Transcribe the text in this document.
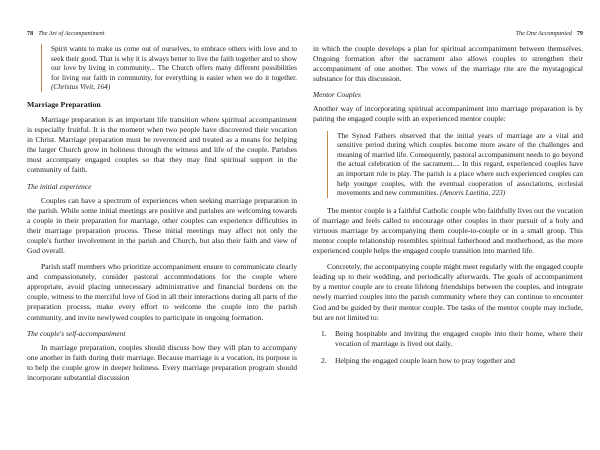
78 The Art of Accompaniment

Spirit wants to make us come out of ourselves, to embrace others with love and to seek their good. That is why it is always better to live the faith together and to show our love by living in community... The Church offers many different possibilities for living our faith in community, for everything is easier when we do it together. (Christus Vivit, 164)

Marriage Preparation

Marriage preparation is an important life transition where spiritual accompaniment is especially fruitful. It is the moment when two people have discovered their vocation in Christ. Marriage preparation must be reverenced and treated as a means for helping the larger Church grow in holiness through the witness and life of the couple. Parishes must accompany engaged couples so that they may find spiritual support in the community of faith.

The initial experience

Couples can have a spectrum of experiences when seeking marriage preparation in the parish. While some initial meetings are positive and parishes are welcoming towards a couple in their preparation for marriage, other couples can experience difficulties in their marriage preparation process. These initial meetings may affect not only the couple's further involvement in the parish and Church, but also their faith and view of God overall.

Parish staff members who prioritize accompaniment ensure to communicate clearly and compassionately, consider pastoral accommodations for the couple where appropriate, avoid placing unnecessary administrative and financial burdens on the couple, witness to the merciful love of God in all their interactions during all parts of the preparation process, make every effort to welcome the couple into the parish community, and invite newlywed couples to participate in ongoing formation.

The couple's self-accompaniment

In marriage preparation, couples should discuss how they will plan to accompany one another in faith during their marriage. Because marriage is a vocation, its purpose is to help the couple grow in deeper holiness. Every marriage preparation program should incorporate substantial discussion

The One Accompanied 79

in which the couple develops a plan for spiritual accompaniment between themselves. Ongoing formation after the sacrament also allows couples to strengthen their accompaniment of one another. The vows of the marriage rite are the mystagogical substance for this discussion.

Mentor Couples

Another way of incorporating spiritual accompaniment into marriage preparation is by pairing the engaged couple with an experienced mentor couple:

The Synod Fathers observed that the initial years of marriage are a vital and sensitive period during which couples become more aware of the challenges and meaning of married life. Consequently, pastoral accompaniment needs to go beyond the actual celebration of the sacrament.... In this regard, experienced couples have an important role to play. The parish is a place where such experienced couples can help younger couples, with the eventual cooperation of associations, ecclesial movements and new communities. (Amoris Laetitia, 223)

The mentor couple is a faithful Catholic couple who faithfully lives out the vocation of marriage and feels called to encourage other couples in their pursuit of a holy and virtuous marriage by accompanying them couple-to-couple or in a small group. This mentor couple relationship resembles spiritual fatherhood and motherhood, as the more experienced couple helps the engaged couple transition into married life.

Concretely, the accompanying couple might meet regularly with the engaged couple leading up to their wedding, and periodically afterwards. The goals of accompaniment by a mentor couple are to create lifelong friendships between the couples, and integrate newly married couples into the parish community where they can continue to encounter God and be guided by their mentor couple. The tasks of the mentor couple may include, but are not limited to:

1. Being hospitable and inviting the engaged couple into their home, where their vocation of marriage is lived out daily.
2. Helping the engaged couple learn how to pray together and
